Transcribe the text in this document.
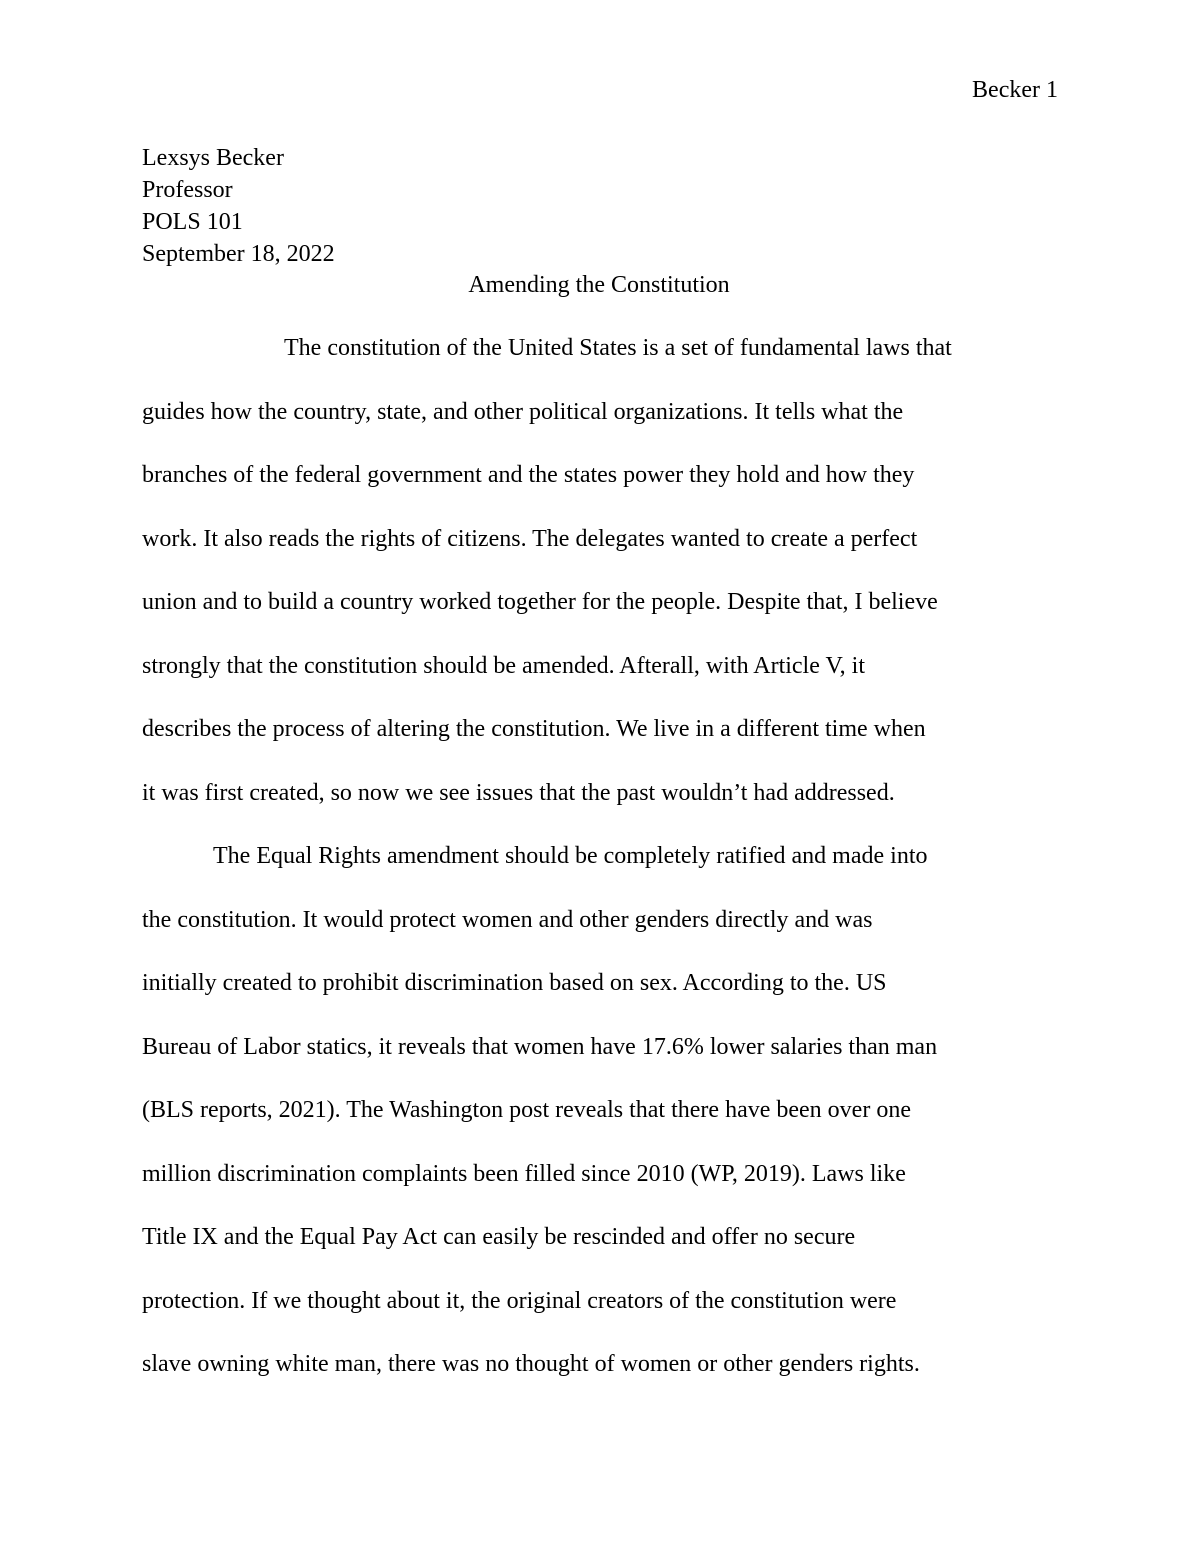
Becker 1
Lexsys Becker
Professor
POLS 101
September 18, 2022
Amending the Constitution
The constitution of the United States is a set of fundamental laws that
guides how the country, state, and other political organizations. It tells what the
branches of the federal government and the states power they hold and how they
work. It also reads the rights of citizens. The delegates wanted to create a perfect
union and to build a country worked together for the people. Despite that, I believe
strongly that the constitution should be amended. Afterall, with Article V, it
describes the process of altering the constitution. We live in a different time when
it was first created, so now we see issues that the past wouldn’t had addressed.
The Equal Rights amendment should be completely ratified and made into
the constitution. It would protect women and other genders directly and was
initially created to prohibit discrimination based on sex. According to the. US
Bureau of Labor statics, it reveals that women have 17.6% lower salaries than man
(BLS reports, 2021). The Washington post reveals that there have been over one
million discrimination complaints been filled since 2010 (WP, 2019). Laws like
Title IX and the Equal Pay Act can easily be rescinded and offer no secure
protection. If we thought about it, the original creators of the constitution were
slave owning white man, there was no thought of women or other genders rights.
